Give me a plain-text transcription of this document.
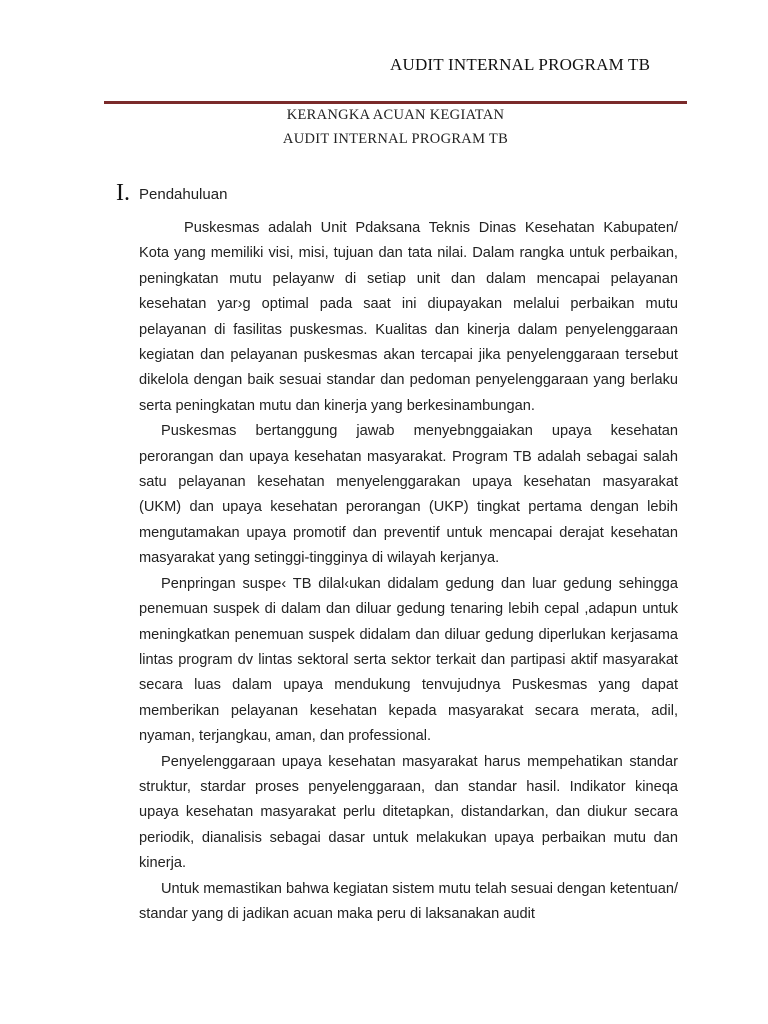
AUDIT INTERNAL PROGRAM TB
KERANGKA ACUAN KEGIATAN
AUDIT INTERNAL PROGRAM TB
I. Pendahuluan

Puskesmas adalah Unit Pdaksana Teknis Dinas Kesehatan Kabupaten/ Kota yang memiliki visi, misi, tujuan dan tata nilai. Dalam rangka untuk perbaikan, peningkatan mutu pelayanw di setiap unit dan dalam mencapai pelayanan kesehatan yar›g optimal pada saat ini diupayakan melalui perbaikan mutu pelayanan di fasilitas puskesmas. Kualitas dan kinerja dalam penyelenggaraan kegiatan dan pelayanan puskesmas akan tercapai jika penyelenggaraan tersebut dikelola dengan baik sesuai standar dan pedoman penyelenggaraan yang berlaku serta peningkatan mutu dan kinerja yang berkesinambungan.

Puskesmas bertanggung jawab menyebnggaiakan upaya kesehatan perorangan dan upaya kesehatan masyarakat. Program TB adalah sebagai salah satu pelayanan kesehatan menyelenggarakan upaya kesehatan masyarakat (UKM) dan upaya kesehatan perorangan (UKP) tingkat pertama dengan lebih mengutamakan upaya promotif dan preventif untuk mencapai derajat kesehatan masyarakat yang setinggi-tingginya di wilayah kerjanya.

Penpringan suspe‹ TB dilal‹ukan didalam gedung dan luar gedung sehingga penemuan suspek di dalam dan diluar gedung tenaring lebih cepal ,adapun untuk meningkatkan penemuan suspek didalam dan diluar gedung diperlukan kerjasama lintas program dv lintas sektoral serta sektor terkait dan partipasi aktif masyarakat secara luas dalam upaya mendukung tenvujudnya Puskesmas yang dapat memberikan pelayanan kesehatan kepada masyarakat secara merata, adil, nyaman, terjangkau, aman, dan professional.

Penyelenggaraan upaya kesehatan masyarakat harus mempehatikan standar struktur, stardar proses penyelenggaraan, dan standar hasil. Indikator kineqa upaya kesehatan masyarakat perlu ditetapkan, distandarkan, dan diukur secara periodik, dianalisis sebagai dasar untuk melakukan upaya perbaikan mutu dan kinerja.

Untuk memastikan bahwa kegiatan sistem mutu telah sesuai dengan ketentuan/ standar yang di jadikan acuan maka peru di laksanakan audit
